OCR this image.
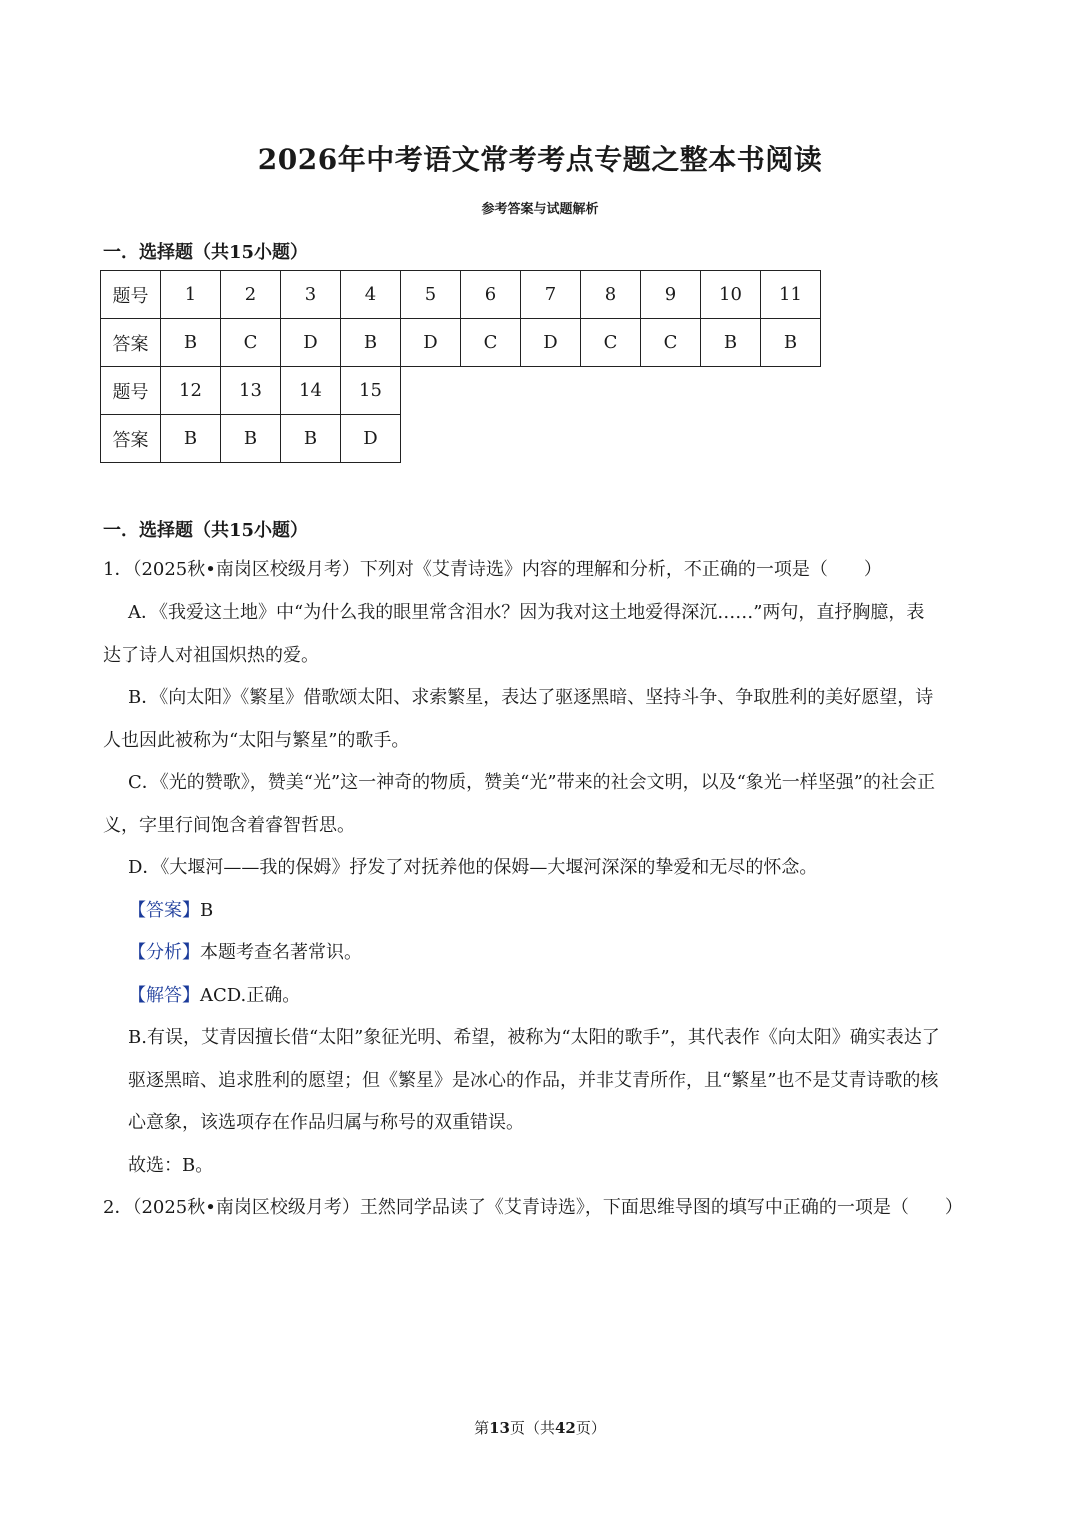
2026年中考语文常考考点专题之整本书阅读
参考答案与试题解析
一．选择题（共15小题）
题号	1	2	3	4	5	6	7	8	9	10	11
答案	B	C	D	B	D	C	D	C	C	B	B
题号	12	13	14	15							
答案	B	B	B	D							
一．选择题（共15小题）
1．（2025秋•南岗区校级月考）下列对《艾青诗选》内容的理解和分析，不正确的一项是（　　）
A．《我爱这土地》中“为什么我的眼里常含泪水？因为我对这土地爱得深沉……”两句，直抒胸臆，表
达了诗人对祖国炽热的爱。
B．《向太阳》《繁星》借歌颂太阳、求索繁星，表达了驱逐黑暗、坚持斗争、争取胜利的美好愿望，诗
人也因此被称为“太阳与繁星”的歌手。
C．《光的赞歌》，赞美“光”这一神奇的物质，赞美“光”带来的社会文明，以及“象光一样坚强”的社会正
义，字里行间饱含着睿智哲思。
D．《大堰河——我的保姆》抒发了对抚养他的保姆—大堰河深深的挚爱和无尽的怀念。
【答案】B
【分析】本题考查名著常识。
【解答】ACD.正确。
B.有误，艾青因擅长借“太阳”象征光明、希望，被称为“太阳的歌手”，其代表作《向太阳》确实表达了
驱逐黑暗、追求胜利的愿望；但《繁星》是冰心的作品，并非艾青所作，且“繁星”也不是艾青诗歌的核
心意象，该选项存在作品归属与称号的双重错误。
故选：B。
2．（2025秋•南岗区校级月考）王然同学品读了《艾青诗选》，下面思维导图的填写中正确的一项是（　　）
第13页（共42页）
